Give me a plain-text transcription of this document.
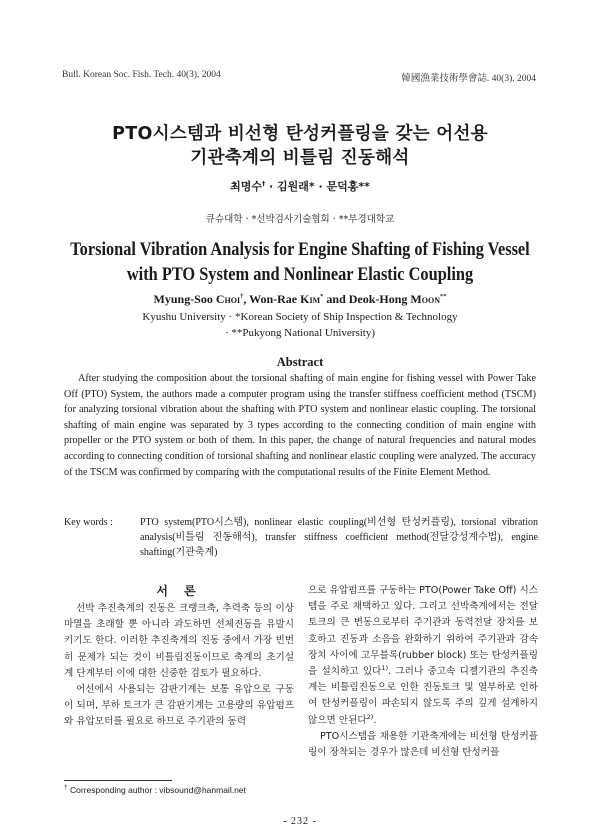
Bull. Korean Soc. Fish. Tech. 40(3), 2004	韓國漁業技術學會誌. 40(3). 2004
PTO시스템과 비선형 탄성커플링을 갖는 어선용
기관축계의 비틀림 진동해석
최명수† · 김원래* · 문덕홍**
큐슈대학 · *선박검사기술협회 · **부경대학교
Torsional Vibration Analysis for Engine Shafting of Fishing Vessel
with PTO System and Nonlinear Elastic Coupling
Myung-Soo Choi†, Won-Rae Kim* and Deok-Hong Moon**
Kyushu University · *Korean Society of Ship Inspection & Technology
· **Pukyong National University)
Abstract
After studying the composition about the torsional shafting of main engine for fishing vessel with Power Take Off (PTO) System, the authors made a computer program using the transfer stiffness coefficient method (TSCM) for analyzing torsional vibration about the shafting with PTO system and nonlinear elastic coupling. The torsional shafting of main engine was separated by 3 types according to the connecting condition of main engine with propeller or the PTO system or both of them. In this paper, the change of natural frequencies and natural modes according to connecting condition of torsional shafting and nonlinear elastic coupling were analyzed. The accuracy of the TSCM was confirmed by comparing with the computational results of the Finite Element Method.
Key words :	PTO system(PTO시스템), nonlinear elastic coupling(비선형 탄성커플링), torsional vibration analysis(비틀림 진동해석), transfer stiffness coefficient method(전달강성계수법), engine shafting(기관축계)
서 론

선박 추진축계의 진동은 크랭크축, 추력축 등의 이상마멸을 초래할 뿐 아니라 과도하면 선체진동을 유발시키기도 한다. 이러한 추진축계의 진동 중에서 가장 빈번히 문제가 되는 것이 비틀림진동이므로 축계의 초기설계 단계부터 이에 대한 신중한 검토가 필요하다.

어선에서 사용되는 감판기계는 보통 유압으로 구동이 되며, 부하 토크가 큰 감판기계는 고용량의 유압펌프와 유압모터를 필요로 하므로 주기관의 동력

으로 유압펌프를 구동하는 PTO(Power Take Off) 시스템을 주로 채택하고 있다. 그리고 선박축계에서는 전달토크의 큰 변동으로부터 주기관과 동력전달 장치를 보호하고 진동과 소음을 완화하기 위하여 주기관과 감속장치 사이에 고무블록(rubber block) 또는 탄성커플링을 설치하고 있다$^{1)}$. 그러나 중고속 디젤기관의 추진축계는 비틀림진동으로 인한 진동토크 및 열부하로 인하여 탄성커플링이 파손되지 않도록 주의 깊게 설계하지 않으면 안된다$^{2)}$.

PTO시스템을 채용한 기관축계에는 비선형 탄성커플링이 장착되는 경우가 많은데 비선형 탄성커플

† Corresponding author : vibsound@hanmail.net
- 232 -
